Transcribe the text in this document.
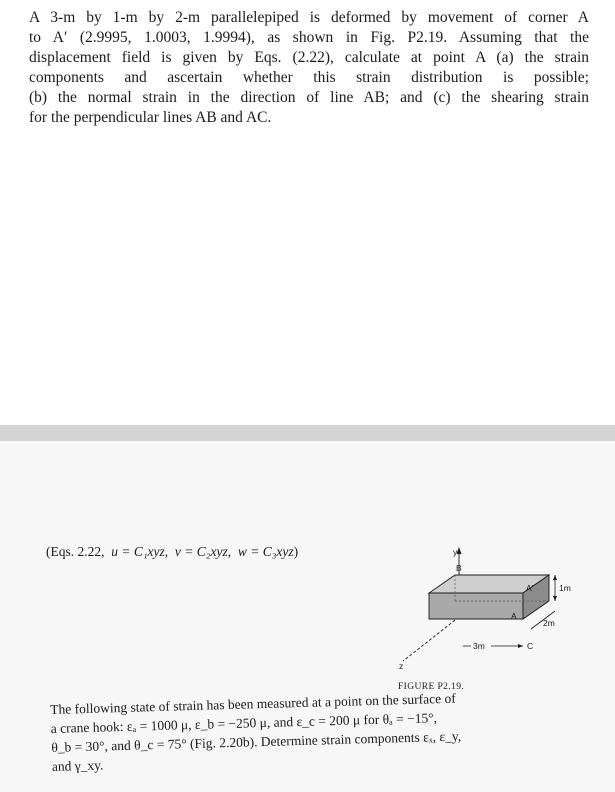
A 3-m by 1-m by 2-m parallelepiped is deformed by movement of corner A
to A′ (2.9995, 1.0003, 1.9994), as shown in Fig. P2.19. Assuming that the
displacement field is given by Eqs. (2.22), calculate at point A (a) the strain
components and ascertain whether this strain distribution is possible;
(b) the normal strain in the direction of line AB; and (c) the shearing strain
for the perpendicular lines AB and AC.
(Eqs. 2.22, u = C₁xyz,  v = C₂xyz,  w = C₃xyz)	y
z
B
A′
A
1m
2m
3m	C
FIGURE P2.19.
The following state of strain has been measured at a point on the surface of
a crane hook: εₐ = 1000 μ, ε_b = −250 μ, and ε_c = 200 μ for θₐ = −15°,
θ_b = 30°, and θ_c = 75° (Fig. 2.20b). Determine strain components εₓ, ε_y,
and γ_xy.
